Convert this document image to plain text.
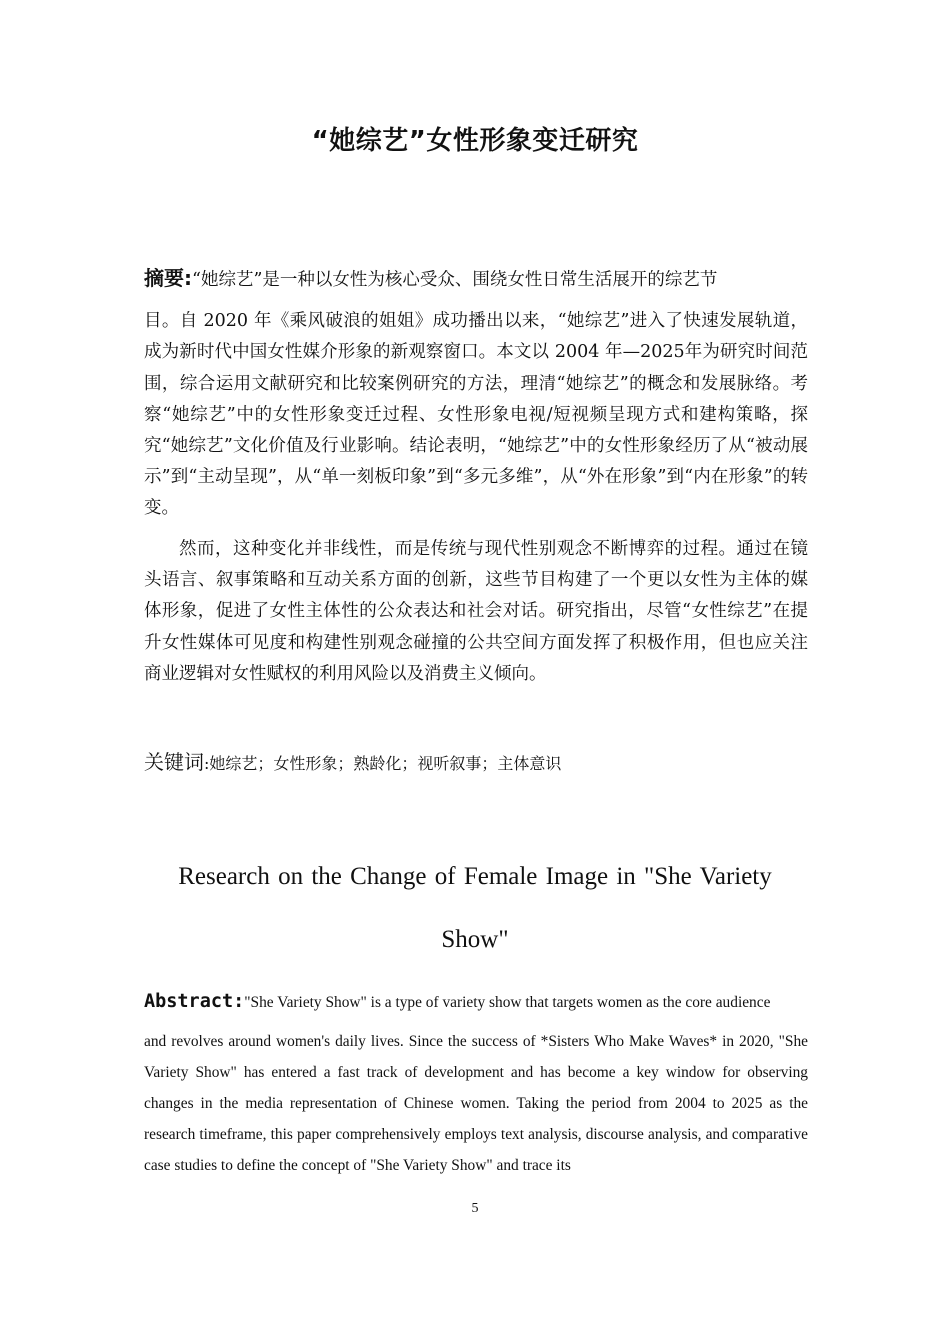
“她综艺”女性形象变迁研究
摘要:“她综艺”是一种以女性为核心受众、围绕女性日常生活展开的综艺节
目。自 2020 年《乘风破浪的姐姐》成功播出以来，“她综艺”进入了快速发展轨道，成为新时代中国女性媒介形象的新观察窗口。本文以 2004 年—2025年为研究时间范围，综合运用文献研究和比较案例研究的方法，理清“她综艺”的概念和发展脉络。考察“她综艺”中的女性形象变迁过程、女性形象电视/短视频呈现方式和建构策略，探究“她综艺”文化价值及行业影响。结论表明，“她综艺”中的女性形象经历了从“被动展示”到“主动呈现”，从“单一刻板印象”到“多元多维”，从“外在形象”到“内在形象”的转变。
然而，这种变化并非线性，而是传统与现代性别观念不断博弈的过程。通过在镜头语言、叙事策略和互动关系方面的创新，这些节目构建了一个更以女性为主体的媒体形象，促进了女性主体性的公众表达和社会对话。研究指出，尽管“女性综艺”在提升女性媒体可见度和构建性别观念碰撞的公共空间方面发挥了积极作用，但也应关注商业逻辑对女性赋权的利用风险以及消费主义倾向。
关键词:她综艺；女性形象；熟龄化；视听叙事；主体意识
Research on the Change of Female Image in "She Variety Show"
Abstract:"She Variety Show" is a type of variety show that targets women as the core audience
and revolves around women's daily lives. Since the success of *Sisters Who Make Waves* in 2020, "She Variety Show" has entered a fast track of development and has become a key window for observing changes in the media representation of Chinese women. Taking the period from 2004 to 2025 as the research timeframe, this paper comprehensively employs text analysis, discourse analysis, and comparative case studies to define the concept of "She Variety Show" and trace its
5
